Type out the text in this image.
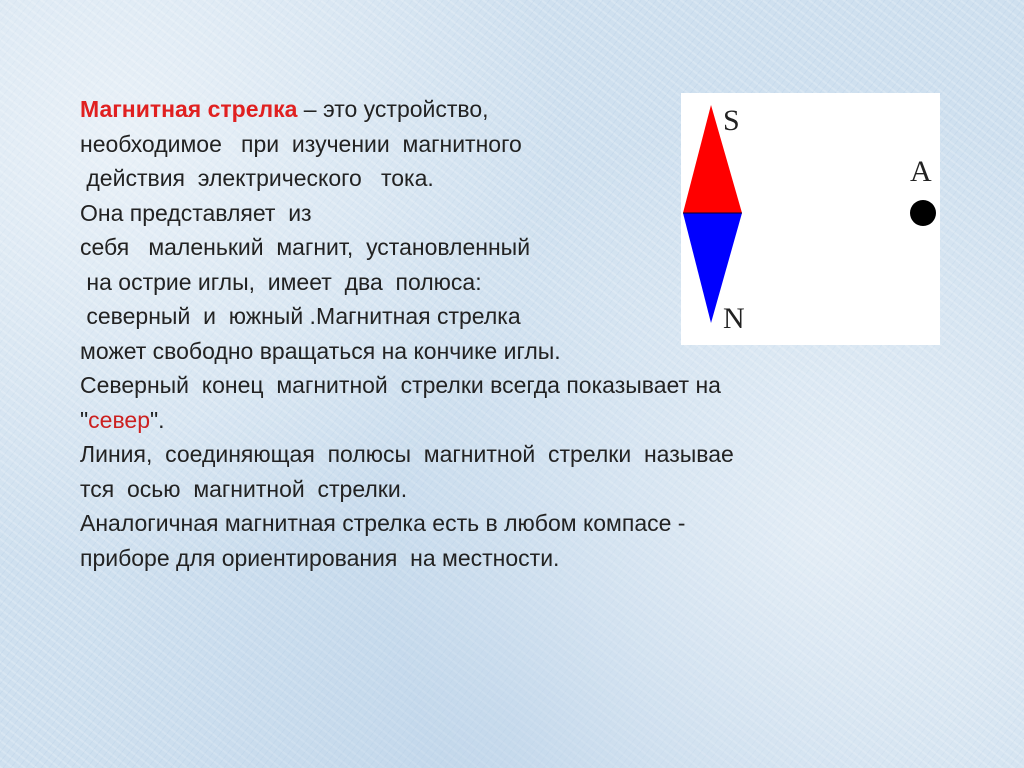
Магнитная стрелка – это устройство,
необходимое   при  изучении  магнитного
действия  электрического   тока.
Она представляет  из
себя   маленький  магнит,  установленный
на острие иглы,  имеет  два  полюса:
северный  и  южный .Магнитная стрелка
может свободно вращаться на кончике иглы.
Северный  конец  магнитной  стрелки всегда показывает на
"север".
Линия,  соединяющая  полюсы  магнитной  стрелки  называе
тся  осью  магнитной  стрелки.
Аналогичная магнитная стрелка есть в любом компасе -
приборе для ориентирования  на местности.
S
N
A
